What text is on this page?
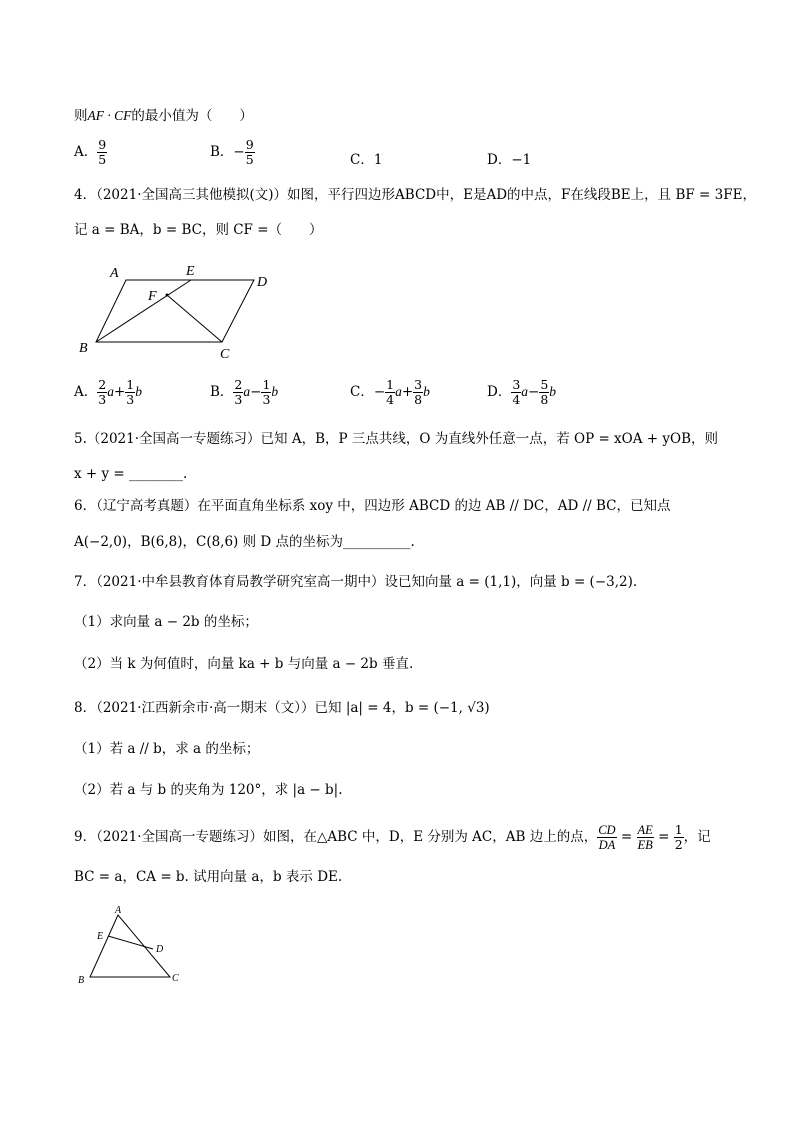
则AF · CF的最小值为（　　）
A． $\frac{9}{5}$	B．− $\frac{9}{5}$	C．1	D．−1
4．（2021·全国高三其他模拟(文)）如图，平行四边形ABCD中，E是AD的中点，F在线段BE上，且 BF = 3FE，
记 a = BA，b = BC，则 CF =（　　）
A	E
D
F
B	C
A． $\frac{2}{3} a+ \frac{1}{3}$ b	B． $\frac{2}{3} a- \frac{1}{3}$ b	C．− $\frac{1}{4} a+ \frac{3}{8}$ b	D． $\frac{3}{4} a- \frac{5}{8}$ b
5.（2021·全国高一专题练习）已知 A，B，P 三点共线，O 为直线外任意一点，若 OP = xOA + yOB，则
x + y = ________.
6．（辽宁高考真题）在平面直角坐标系 xoy 中，四边形 ABCD 的边 AB // DC，AD // BC，已知点
A(−2,0)，B(6,8)，C(8,6) 则 D 点的坐标为__________.
7．（2021·中牟县教育体育局教学研究室高一期中）设已知向量 a = (1,1)，向量 b = (−3,2).
（1）求向量 a − 2b 的坐标；
（2）当 k 为何值时，向量 ka + b 与向量 a − 2b 垂直.
8．（2021·江西新余市·高一期末（文））已知 |a| = 4，b = (−1, √3)
（1）若 a // b，求 a 的坐标；
（2）若 a 与 b 的夹角为 120°，求 |a − b|.
9．（2021·全国高一专题练习）如图，在△ABC 中，D，E 分别为 AC，AB 边上的点， $\frac{CD}{DA} = \frac{AE}{EB} = \frac{1}{2}$ ，记
BC = a，CA = b. 试用向量 a，b 表示 DE.
A
E
D
B	C
